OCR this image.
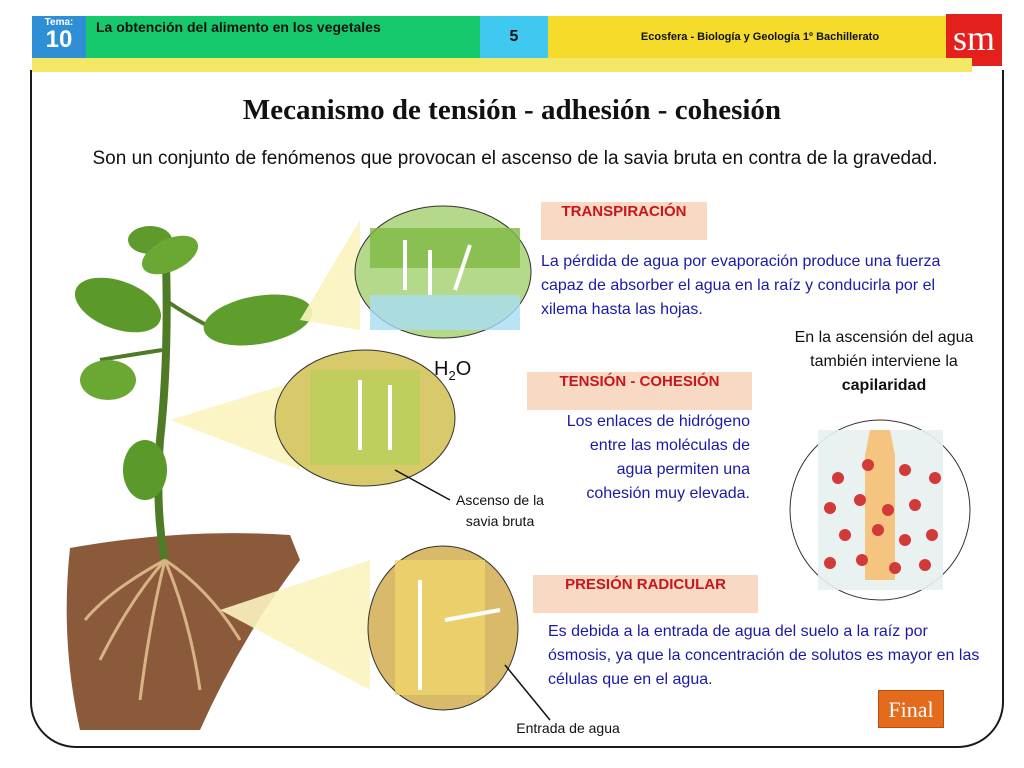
Tema:
10	La obtención del alimento en los vegetales
5	Ecosfera - Biología y Geología 1º Bachillerato	sm
Mecanismo de tensión - adhesión - cohesión
Son un conjunto de fenómenos que provocan el ascenso de la savia bruta en contra de la gravedad.
TRANSPIRACIÓN
La pérdida de agua por evaporación produce una fuerza capaz de absorber el agua en la raíz y conducirla por el xilema hasta las hojas.
TENSIÓN - COHESIÓN
Los enlaces de hidrógeno entre las moléculas de agua permiten una cohesión muy elevada.
PRESIÓN RADICULAR
Es debida a la entrada de agua del suelo a la raíz por ósmosis, ya que la concentración de solutos es mayor en las células que en el agua.
En la ascensión del agua también interviene la capilaridad
$H_2O$
Ascenso de la savia bruta
Entrada de agua
Final
